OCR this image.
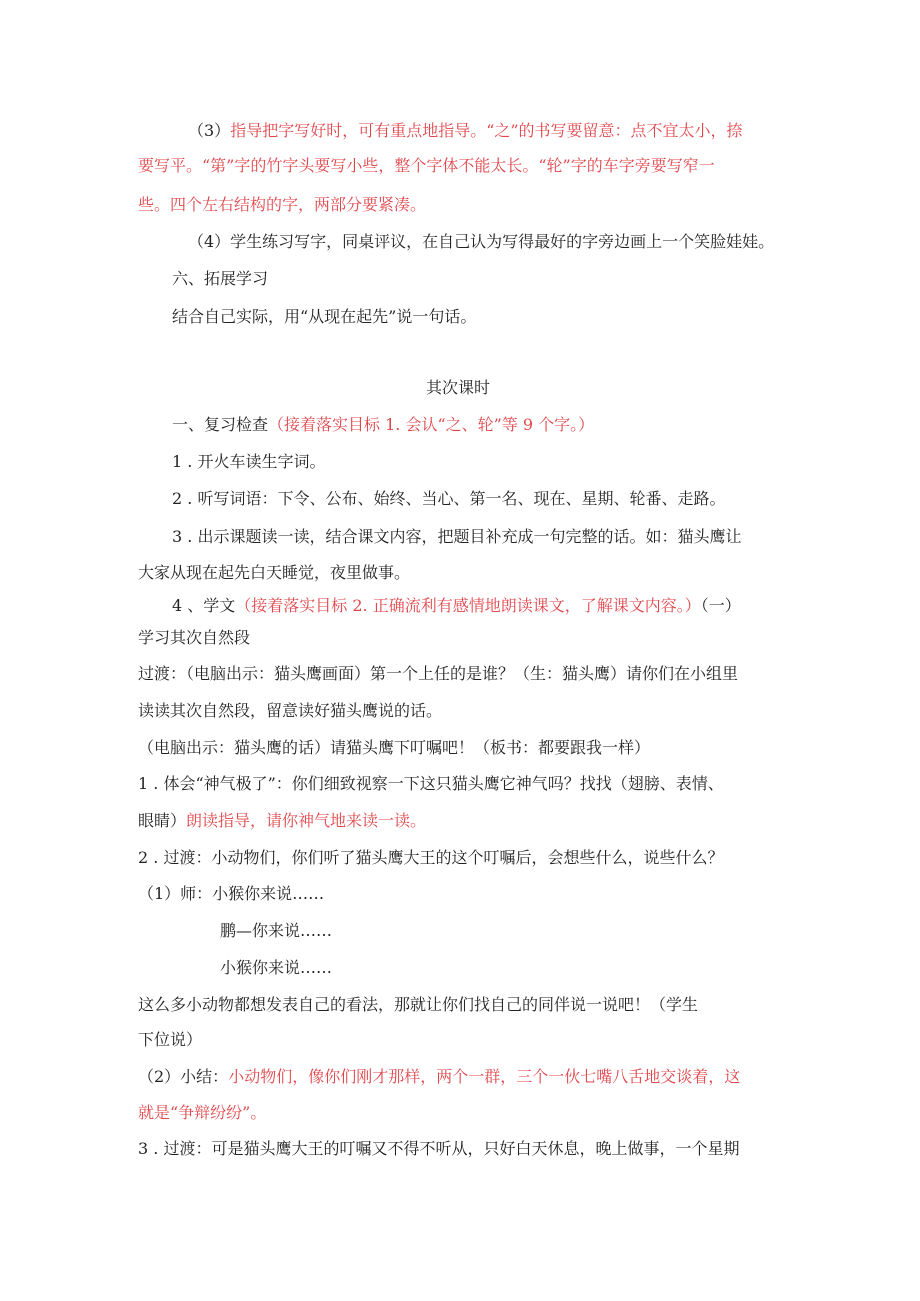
（3）指导把字写好时，可有重点地指导。“之”的书写要留意：点不宜太小，捺
要写平。“第”字的竹字头要写小些，整个字体不能太长。“轮”字的车字旁要写窄一
些。四个左右结构的字，两部分要紧凑。
（4）学生练习写字，同桌评议，在自己认为写得最好的字旁边画上一个笑脸娃娃。
六、拓展学习
结合自己实际，用“从现在起先”说一句话。
其次课时
一、复习检查（接着落实目标 1. 会认“之、轮”等 9 个字。）
1 . 开火车读生字词。
2 . 听写词语：下令、公布、始终、当心、第一名、现在、星期、轮番、走路。
3 . 出示课题读一读，结合课文内容，把题目补充成一句完整的话。如：猫头鹰让
大家从现在起先白天睡觉，夜里做事。
4 、学文（接着落实目标 2. 正确流利有感情地朗读课文，了解课文内容。）（一）
学习其次自然段
过渡：（电脑出示：猫头鹰画面）第一个上任的是谁？（生：猫头鹰）请你们在小组里
读读其次自然段，留意读好猫头鹰说的话。
（电脑出示：猫头鹰的话）请猫头鹰下叮嘱吧！（板书：都要跟我一样）
1 . 体会“神气极了”：你们细致视察一下这只猫头鹰它神气吗？找找（翅膀、表情、
眼睛）朗读指导，请你神气地来读一读。
2 . 过渡：小动物们，你们听了猫头鹰大王的这个叮嘱后，会想些什么，说些什么？
（1）师：小猴你来说……
鹏—你来说……
小猴你来说……
这么多小动物都想发表自己的看法，那就让你们找自己的同伴说一说吧！（学生
下位说）
（2）小结：小动物们，像你们刚才那样，两个一群，三个一伙七嘴八舌地交谈着，这
就是“争辩纷纷”。
3 . 过渡：可是猫头鹰大王的叮嘱又不得不听从，只好白天休息，晚上做事，一个星期
